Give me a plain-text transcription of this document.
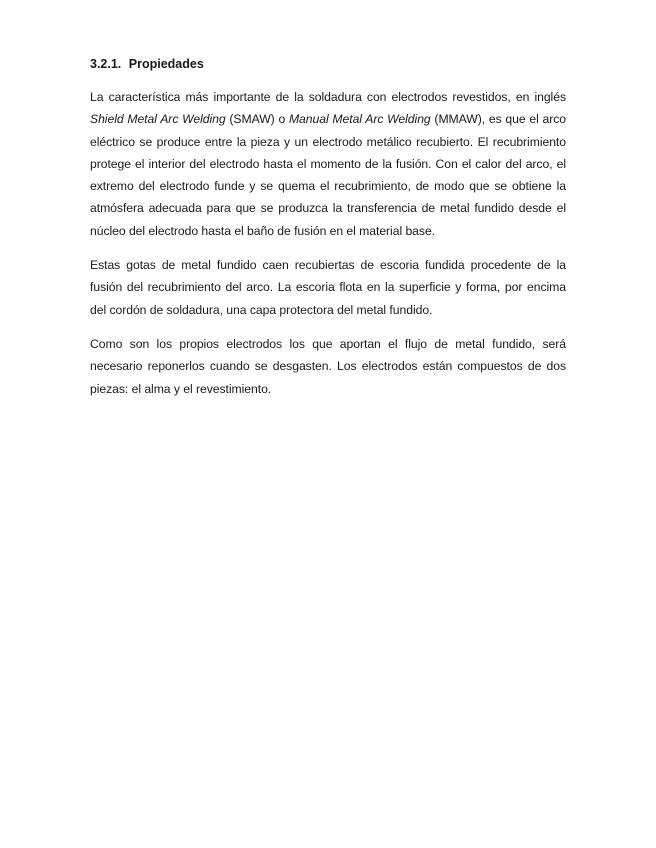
3.2.1. Propiedades

La característica más importante de la soldadura con electrodos revestidos, en inglés Shield Metal Arc Welding (SMAW) o Manual Metal Arc Welding (MMAW), es que el arco eléctrico se produce entre la pieza y un electrodo metálico recubierto. El recubrimiento protege el interior del electrodo hasta el momento de la fusión. Con el calor del arco, el extremo del electrodo funde y se quema el recubrimiento, de modo que se obtiene la atmósfera adecuada para que se produzca la transferencia de metal fundido desde el núcleo del electrodo hasta el baño de fusión en el material base.

Estas gotas de metal fundido caen recubiertas de escoria fundida procedente de la fusión del recubrimiento del arco. La escoria flota en la superficie y forma, por encima del cordón de soldadura, una capa protectora del metal fundido.

Como son los propios electrodos los que aportan el flujo de metal fundido, será necesario reponerlos cuando se desgasten. Los electrodos están compuestos de dos piezas: el alma y el revestimiento.
